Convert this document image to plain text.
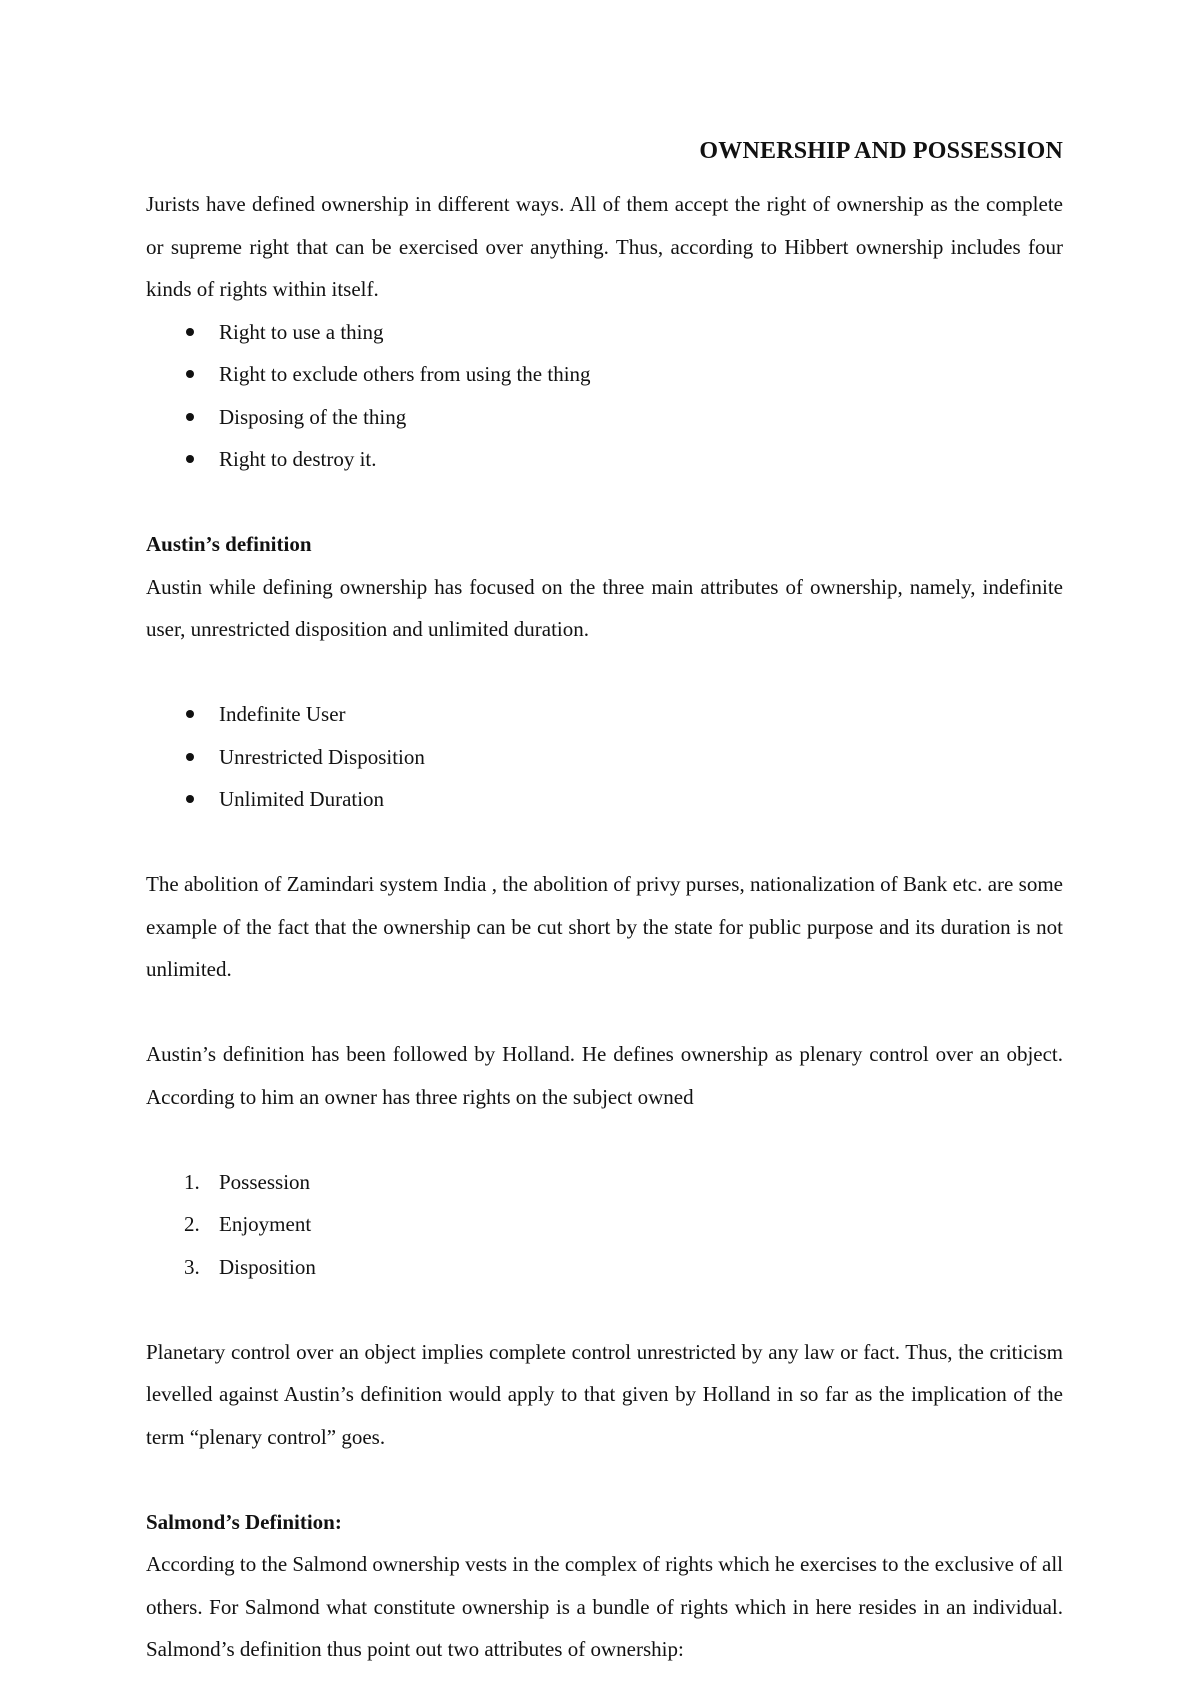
OWNERSHIP AND POSSESSION

Jurists have defined ownership in different ways. All of them accept the right of ownership as the complete or supreme right that can be exercised over anything. Thus, according to Hibbert ownership includes four kinds of rights within itself.

Right to use a thing
Right to exclude others from using the thing
Disposing of the thing
Right to destroy it.

Austin’s definition

Austin while defining ownership has focused on the three main attributes of ownership, namely, indefinite user, unrestricted disposition and unlimited duration.

Indefinite User
Unrestricted Disposition
Unlimited Duration

The abolition of Zamindari system India , the abolition of privy purses, nationalization of Bank etc. are some example of the fact that the ownership can be cut short by the state for public purpose and its duration is not unlimited.

Austin’s definition has been followed by Holland. He defines ownership as plenary control over an object. According to him an owner has three rights on the subject owned

1. Possession
2. Enjoyment
3. Disposition

Planetary control over an object implies complete control unrestricted by any law or fact. Thus, the criticism levelled against Austin’s definition would apply to that given by Holland in so far as the implication of the term “plenary control” goes.

Salmond’s Definition:

According to the Salmond ownership vests in the complex of rights which he exercises to the exclusive of all others. For Salmond what constitute ownership is a bundle of rights which in here resides in an individual. Salmond’s definition thus point out two attributes of ownership:
